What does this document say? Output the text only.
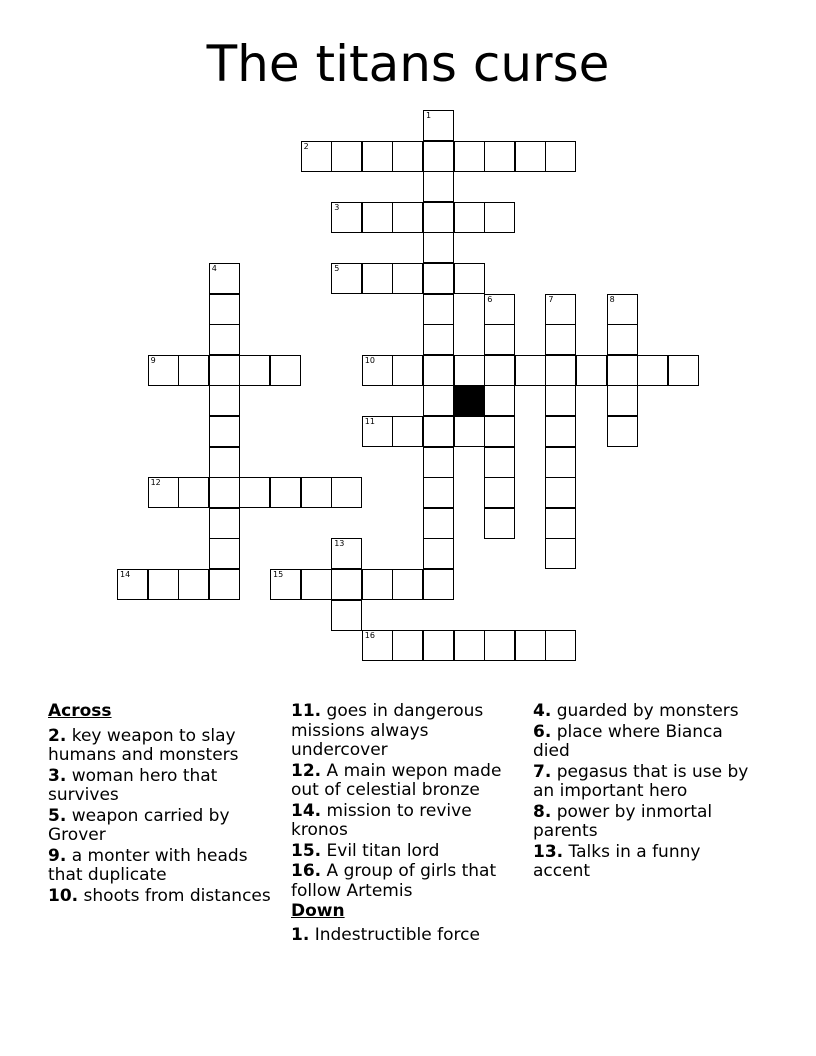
The titans curse
1
2
3
4	5
6	7	8
9	10
11
12
13
14	15
16
Across
2. key weapon to slay humans and monsters
3. woman hero that survives
5. weapon carried by Grover
9. a monter with heads that duplicate
10. shoots from distances
11. goes in dangerous missions always undercover
12. A main wepon made out of celestial bronze
14. mission to revive kronos
15. Evil titan lord
16. A group of girls that follow Artemis
Down
1. Indestructible force
4. guarded by monsters
6. place where Bianca died
7. pegasus that is use by an important hero
8. power by inmortal parents
13. Talks in a funny accent
